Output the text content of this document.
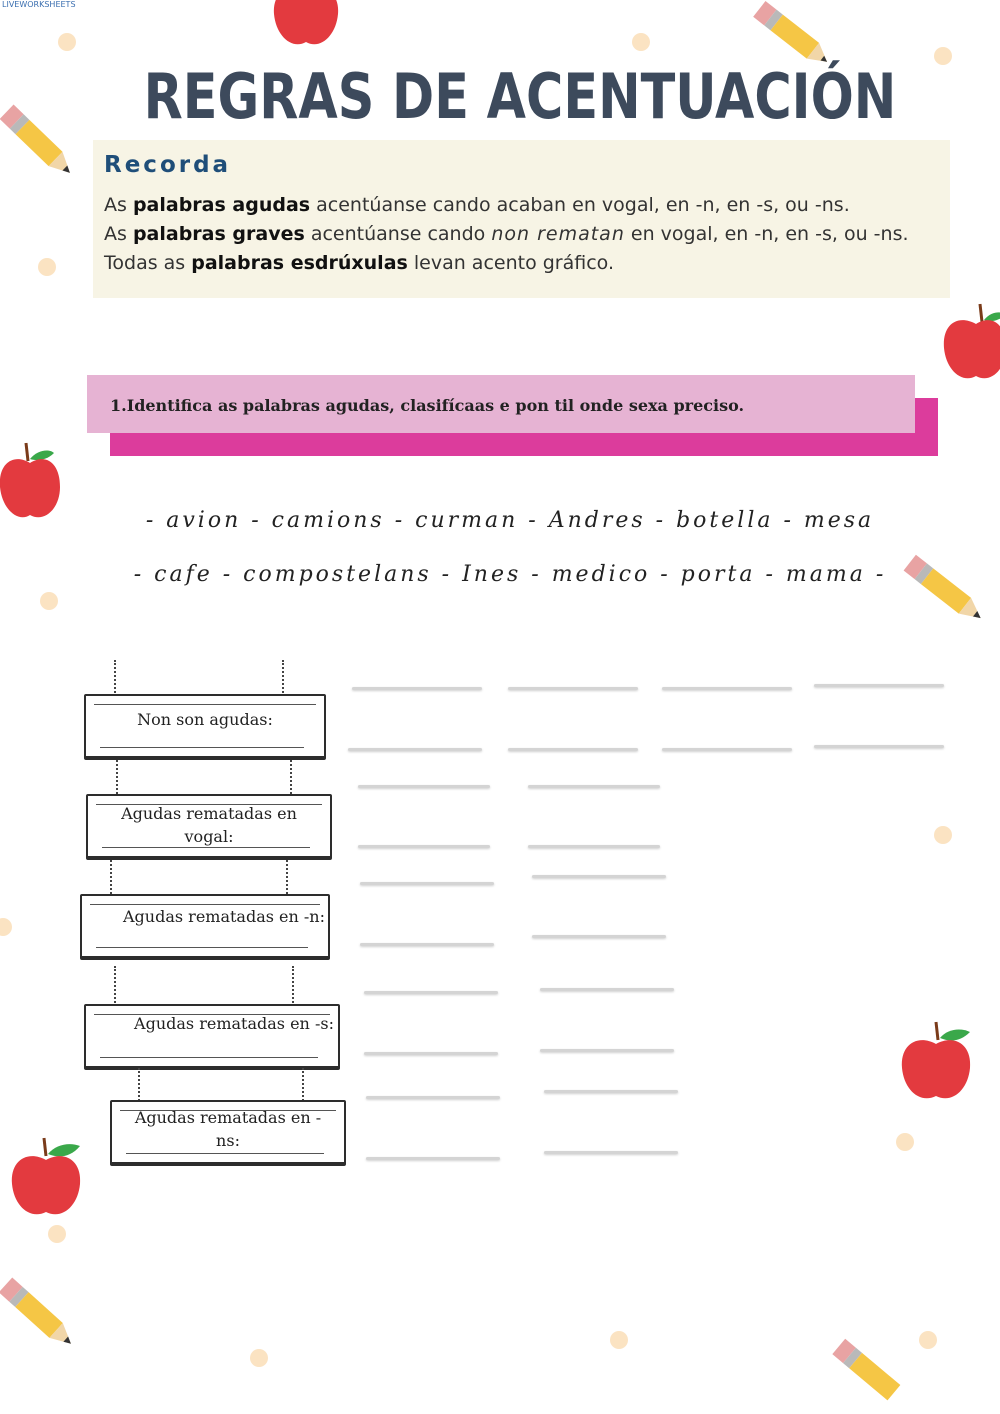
LIVEWORKSHEETS
REGRAS DE ACENTUACIÓN
Recorda
As palabras agudas acentúanse cando acaban en vogal, en -n, en -s, ou -ns.
As palabras graves acentúanse cando non rematan en vogal, en -n, en -s, ou -ns.
Todas as palabras esdrúxulas levan acento gráfico.
1.Identifica as palabras agudas, clasifícaas e pon til onde sexa preciso.
- avion - camions - curman - Andres - botella - mesa
- cafe - compostelans - Ines - medico - porta - mama -
Non son agudas:
Agudas rematadas en vogal:
Agudas rematadas en -n:
Agudas rematadas en -s:
Agudas rematadas en -ns:
